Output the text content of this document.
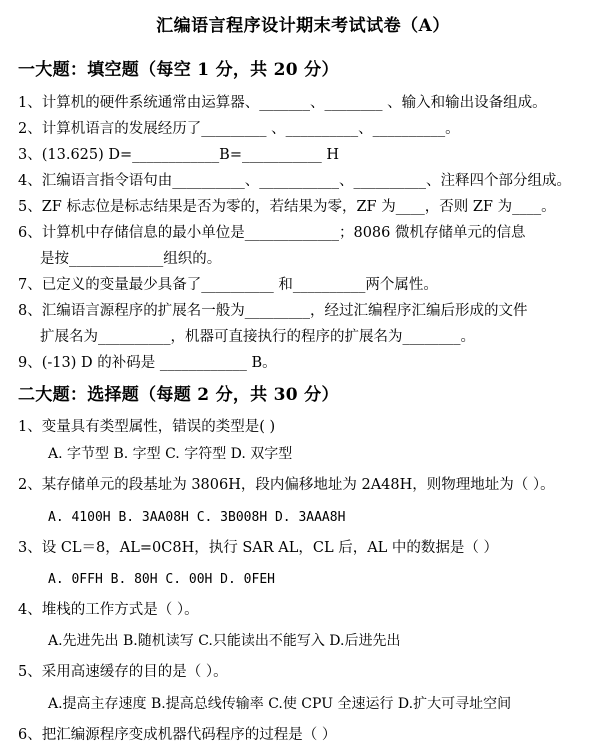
汇编语言程序设计期末考试试卷（A）
一大题：填空题（每空 1 分，共 20 分）
1、计算机的硬件系统通常由运算器、_______、________ 、输入和输出设备组成。
2、计算机语言的发展经历了_________ 、__________、__________。
3、(13.625) D=____________B=___________ H
4、汇编语言指令语句由__________、___________、__________、注释四个部分组成。
5、ZF 标志位是标志结果是否为零的，若结果为零，ZF 为____，否则 ZF 为____。
6、计算机中存储信息的最小单位是_____________；8086 微机存储单元的信息
是按_____________组织的。
7、已定义的变量最少具备了__________ 和__________两个属性。
8、汇编语言源程序的扩展名一般为_________，经过汇编程序汇编后形成的文件
扩展名为__________，机器可直接执行的程序的扩展名为________。
9、(-13) D 的补码是 ____________ B。
二大题：选择题（每题 2 分，共 30 分）
1、变量具有类型属性，错误的类型是( )
A. 字节型 B. 字型 C. 字符型 D. 双字型
2、某存储单元的段基址为 3806H，段内偏移地址为 2A48H，则物理地址为（ ）。
A. 4100H B. 3AA08H C. 3B008H D. 3AAA8H
3、设 CL＝8，AL=0C8H，执行 SAR AL，CL 后，AL 中的数据是（ ）
A. 0FFH B. 80H C. 00H D. 0FEH
4、堆栈的工作方式是（ ）。
A.先进先出 B.随机读写 C.只能读出不能写入 D.后进先出
5、采用高速缓存的目的是（ ）。
A.提高主存速度 B.提高总线传输率 C.使 CPU 全速运行 D.扩大可寻址空间
6、把汇编源程序变成机器代码程序的过程是（ ）
